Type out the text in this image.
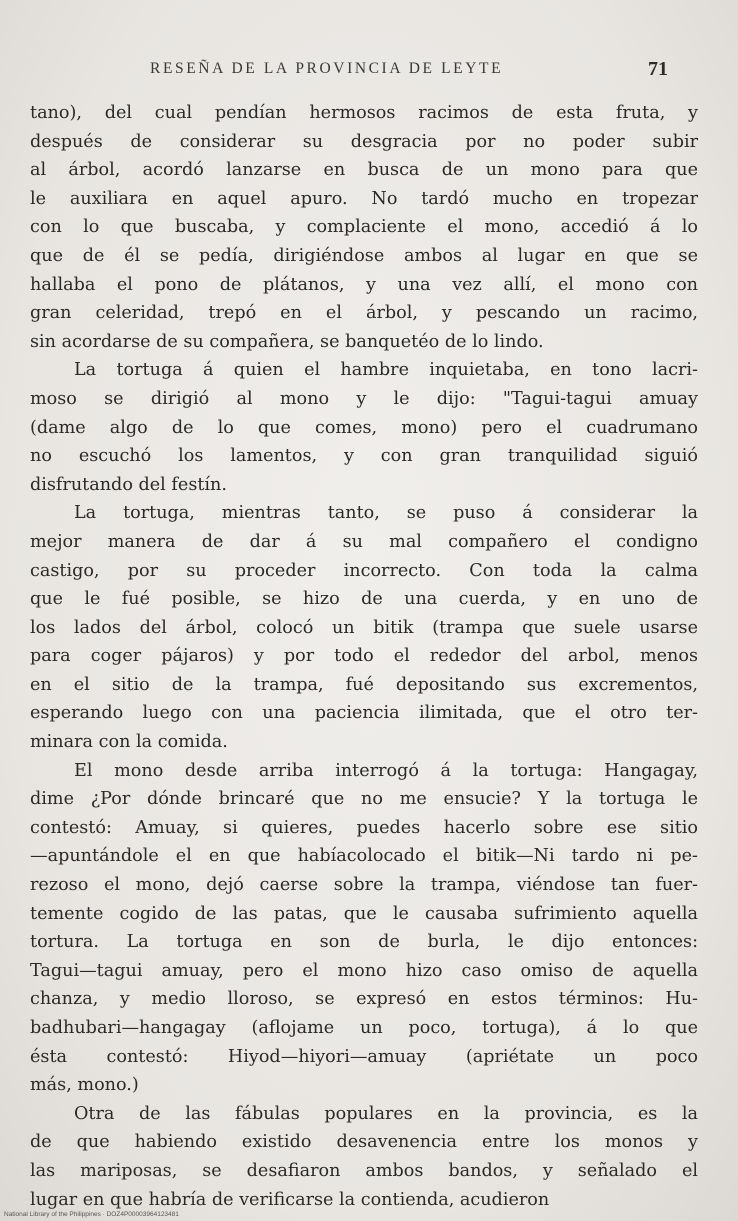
RESEÑA DE LA PROVINCIA DE LEYTE	71
tano), del cual pendían hermosos racimos de esta fruta, y
después de considerar su desgracia por no poder subir
al árbol, acordó lanzarse en busca de un mono para que
le auxiliara en aquel apuro. No tardó mucho en tropezar
con lo que buscaba, y complaciente el mono, accedió á lo
que de él se pedía, dirigiéndose ambos al lugar en que se
hallaba el pono de plátanos, y una vez allí, el mono con
gran celeridad, trepó en el árbol, y pescando un racimo,
sin acordarse de su compañera, se banquetéo de lo lindo.
La tortuga á quien el hambre inquietaba, en tono lacri-
moso se dirigió al mono y le dijo: "Tagui-tagui amuay
(dame algo de lo que comes, mono) pero el cuadrumano
no escuchó los lamentos, y con gran tranquilidad siguió
disfrutando del festín.
La tortuga, mientras tanto, se puso á considerar la
mejor manera de dar á su mal compañero el condigno
castigo, por su proceder incorrecto. Con toda la calma
que le fué posible, se hizo de una cuerda, y en uno de
los lados del árbol, colocó un bitik (trampa que suele usarse
para coger pájaros) y por todo el rededor del arbol, menos
en el sitio de la trampa, fué depositando sus excrementos,
esperando luego con una paciencia ilimitada, que el otro ter-
minara con la comida.
El mono desde arriba interrogó á la tortuga: Hangagay,
dime ¿Por dónde brincaré que no me ensucie? Y la tortuga le
contestó: Amuay, si quieres, puedes hacerlo sobre ese sitio
—apuntándole el en que habíacolocado el bitik—Ni tardo ni pe-
rezoso el mono, dejó caerse sobre la trampa, viéndose tan fuer-
temente cogido de las patas, que le causaba sufrimiento aquella
tortura. La tortuga en son de burla, le dijo entonces:
Tagui—tagui amuay, pero el mono hizo caso omiso de aquella
chanza, y medio lloroso, se expresó en estos términos: Hu-
badhubari—hangagay (aflojame un poco, tortuga), á lo que
ésta contestó: Hiyod—hiyori—amuay (apriétate un poco
más, mono.)
Otra de las fábulas populares en la provincia, es la
de que habiendo existido desavenencia entre los monos y
las mariposas, se desafiaron ambos bandos, y señalado el
lugar en que habría de verificarse la contienda, acudieron
National Library of the Philippines · DOZ4P00003964123481
